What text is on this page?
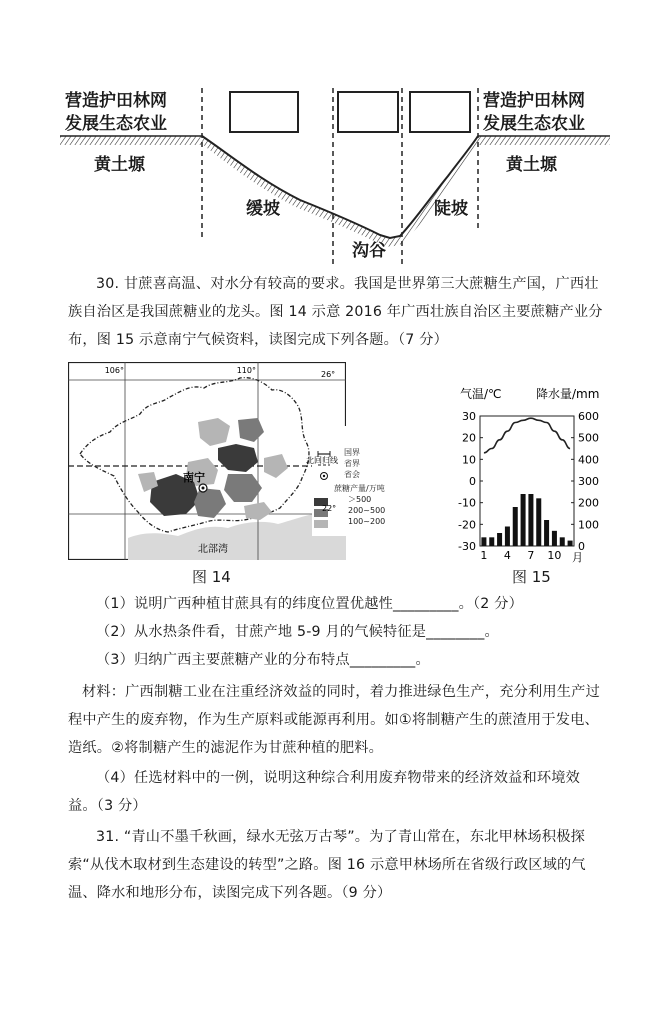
营造护田林网
发展生态农业
营造护田林网
发展生态农业
黄土塬	黄土塬
缓坡
沟谷
陡坡
30. 甘蔗喜高温、对水分有较高的要求。我国是世界第三大蔗糖生产国，广西壮族自治区是我国蔗糖业的龙头。图 14 示意 2016 年广西壮族自治区主要蔗糖产业分布，图 15 示意南宁气候资料，读图完成下列各题。（7 分）
106°	110°	26°
22°
北回归线
南宁
北部湾
国界
省界
省会
蔗糖产量/万吨
＞500
200~500
100~200
图 14
气温/℃	降水量/mm
30
20
10
0
-10
-20
-30
600
500
400
300
200
100
0
1 4 7 10 月
图 15
（1）说明广西种植甘蔗具有的纬度位置优越性_________。（2 分）
（2）从水热条件看，甘蔗产地 5-9 月的气候特征是________。
（3）归纳广西主要蔗糖产业的分布特点_________。
材料：广西制糖工业在注重经济效益的同时，着力推进绿色生产，充分利用生产过程中产生的废弃物，作为生产原料或能源再利用。如①将制糖产生的蔗渣用于发电、造纸。②将制糖产生的滤泥作为甘蔗种植的肥料。
（4）任选材料中的一例，说明这种综合利用废弃物带来的经济效益和环境效益。（3 分）
31. “青山不墨千秋画，绿水无弦万古琴”。为了青山常在，东北甲林场积极探索“从伐木取材到生态建设的转型”之路。图 16 示意甲林场所在省级行政区域的气温、降水和地形分布，读图完成下列各题。（9 分）
